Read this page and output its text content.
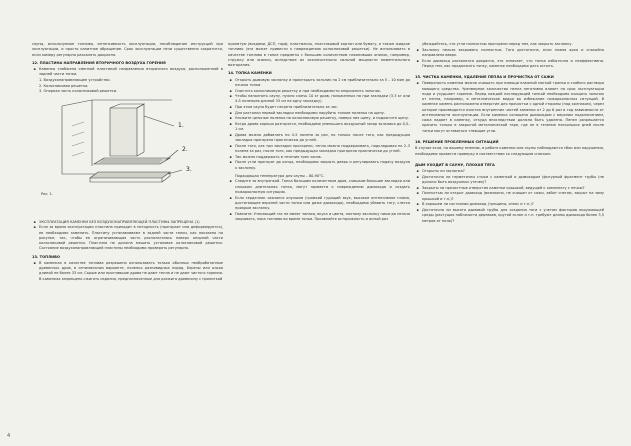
сауны, используемое топливо, интенсивность эксплуатации, несоблюдение инструкций при эксплуатации, и просто капитное обращение. Срок эксплуатации печи существенно сократится, если камеру регулярно раскалять докрасна.

12. ПЛАСТИНА НАПРАВЛЕНИЯ ВТОРИЧНОГО ВОЗДУХА ГОРЕНИЯ

▪ Каменка снабжена сменной пластиной направления вторичного воздуха, расположенной в задней части топки.

1. Воздухонаправляющее устройство.

2. Колосниковая решетка.

3. Опорная часть колосниковой решетки.

1.
2.
3.
Рис. 1.

▪ ЭКСПЛУАТАЦИЯ КАМЕНКИ БЕЗ ВОЗДУХОНАПРАВЛЯЮЩЕЙ ПЛАСТИНЫ ЗАПРЕЩЕНА (1)

▪ Если за время эксплуатации пластина приходит в негодность (прогорает или деформируется), ее необходимо заменить. Пластину устанавливают в задней части топки, как показано на рисунке, так, чтобы ее ограничивающая часть располагалась поверх опорной части колосниковой решетки. Пластина не должна мешать установке колосниковой решетки. Состояние воздухонаправляющей пластины необходимо проверять регулярно.

13. ТОПЛИВО

▪ В каменках в качестве топлива разрешено использовать только обычных необработанные древесных дров, в оптимальном варианте, поленья разновидных пород. Березы или ольхи длиной не более 33 см. Сырые или прогнившие дрова не дают тепла и не дают чистого горения. В каменках запрещено сжигать изделия, предназначенные для розжига древесину с пропиткой

пропитую (воздами, ДСП, торф, пластмассы, пластиковый картон или бумагу, а также жидкое топливо (это может привести к повреждению колосниковой решетки). Не использовать в качестве топлива в топке предметы с большим количеством накопивших опилок, например, стружку или опилки, вследствие их исключительно сильной мощности моментального возгорания.

14. ТОПКА КАМЕНКИ

▪ Открыть дымовую заслонку и приоткрыть зольник на 2 см приблизительно за 5 – 10 мин до начала топки.

▪ Очистить колосниковую решетку и при необходимости опорожнить зольник.

▪ Чтобы наполнить сауну, нужно сжечь 10 кг дров, положенных на при закладки (3,3 кг или 4-5 поленьев длиной 33 см на одну закладку).

▪ При этом сауна будет нагрета приблизительно за час.

▪ Для растопки первой закладки необходимо нарубить тонкие поленья на щепу.

▪ Уложите цельные поленья на колосниковую решетку, поверх них щепу, и подожгите щепу.

▪ Когда дрова хорошо разгорятся, необходимо уменьшить воздушный зазор зольника до 0,5–1 см.

▪ Дрова можно добавлять по 4-5 полена за раз, по только после того, как предыдущая закладка прогорела практически до углей.

▪ После того, как три закладки прогорели, тепло можно поддерживать, подкладывая по 2–3 полена за раз, после того, как предыдущая закладка прогорела практически до углей.

▪ Так можно поддержать в течение трех часов.

▪ После угли прогорят до конца, необходимо закрыть дверь и регулировать подачу воздуха к заслонку.

Подходящая температура для сауны – 80-90°С.

▪ Следите за внутрянкой. Топка большим количеством дров, слишком большие закладки или слишком длительная топка, могут привести к повреждению дымохода и создать пожароопасную ситуацию.

▪ Если сердечник оказался опухшим (громкий гудящий звук, высокое интенсивное пламя, достигающее верхней части топки или даже дымохода), необходимо убавить тягу, слегка прикрыв заслонку.

▪ Помните: Утекающий газ не имеет запаха, вкуса и цвета, поэтому заслонку никогда нельзя закрывать, пока топливо во время топки. Проявляйте осторожность и ясный раз

убеждайтесь, что угли полностью прогорели перед тем, как закрыть заслонку.

▪ Заслонку нельзя закрывать полностью. Тяга достаточна, если пламя ярко и спокойно направлено вверх.

▪ Если дымоход раскалился докрасна, это означает, что топка избыточна и неэффективна. Перед тем, как продолжить топку, каменке необходимо дать остыть.

15. ЧИСТКА КАМЕНКИ, УДАЛЕНИЕ ПЕПЛА И ПРОЧИСТКА ОТ САЖИ

▪ Поверхность каменки можно очищать при помощи влажной мягкой тряпки и слабого раствора моющего средства. Чрезмерное количество пепла негативно влияет на срок эксплуатации пода и ухудшает горение. Перед каждой последующей топкой необходимо очищать зольник от пепла, например, в металлическое ведро во избежание пожароопасных ситуаций. В каменке камень расположено отверстие для прочистки с одной стороны (под колпаком), через которое производится очистка внутренних частей каменки от 2 до 6 раз в год зависимости от интенсивности эксплуатации. Если каменка оснащена дымоходом с верхним подключением, сажа падает в каменку, откуда впоследствии должна быть удалена. Пепел разрешается хранить только в закрытой металлической таре, где он в течение нескольких дней после топки могут оставаться тлеющие угли.

16. РЕШЕНИЕ ПРОБЛЕМНЫХ СИТУАЦИЙ

В случае если, по вашему мнению, в работе каменки или сауны наблюдаются сбои или нарушения, необходимо провести проверку в соответствии со следующим списком:

ДЫМ УХОДИТ В САУНУ, ПЛОХАЯ ТЯГА

▪ Открыты ли заслонка?

▪ Достаточно ли герметичны стыки с каменкой и дымоходом (фигурный фрагмент трубы (не должно быть воздушных утечек)?

▪ Закрыты ли прочистные отверстия каменки крышкой, ведущей к комплекту с печью?

▪ Полностью ли открыт дымоход (возможно, не очищен от сажи, забит снегом, закрыт на зиму крышкой и т.п.)?

▪ В хорошем ли состоянии дымоход (трещины, износ и т.п.)?

▪ Достаточна ли высота дымовой трубы для создания тяги с учетом факторов окружающей среды (растущих поблизости деревьев, крутой склон и т.п. требуют длины дымохода более 3,5 метров от пола)?

4
